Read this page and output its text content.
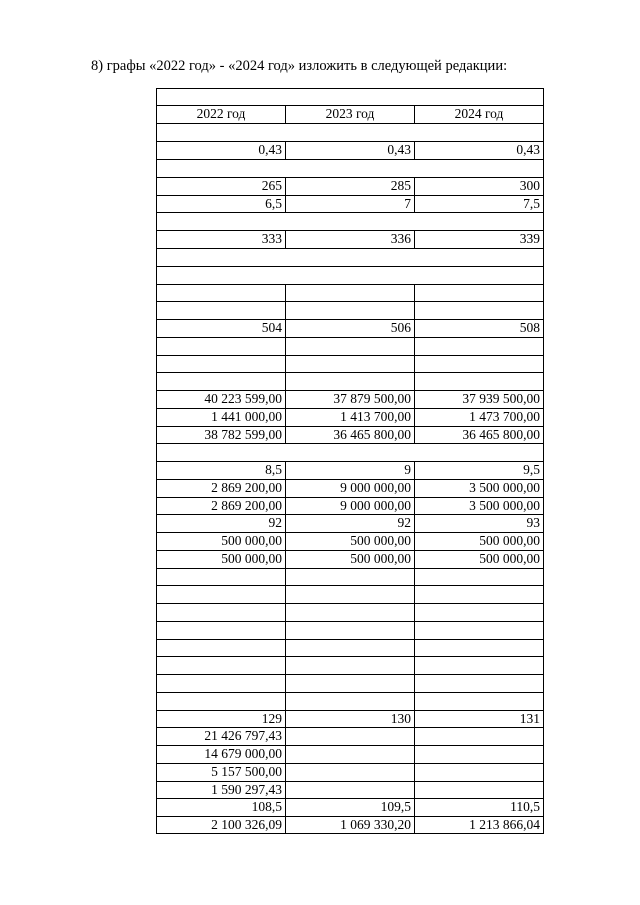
8) графы «2022 год» - «2024 год» изложить в следующей редакции:
2022 год	2023 год	2024 год
0,43	0,43	0,43
265	285	300
6,5	7	7,5
333	336	339
504	506	508
40 223 599,00	37 879 500,00	37 939 500,00
1 441 000,00	1 413 700,00	1 473 700,00
38 782 599,00	36 465 800,00	36 465 800,00
8,5	9	9,5
2 869 200,00	9 000 000,00	3 500 000,00
2 869 200,00	9 000 000,00	3 500 000,00
92	92	93
500 000,00	500 000,00	500 000,00
500 000,00	500 000,00	500 000,00
129	130	131
21 426 797,43
14 679 000,00
5 157 500,00
1 590 297,43
108,5	109,5	110,5
2 100 326,09	1 069 330,20	1 213 866,04
